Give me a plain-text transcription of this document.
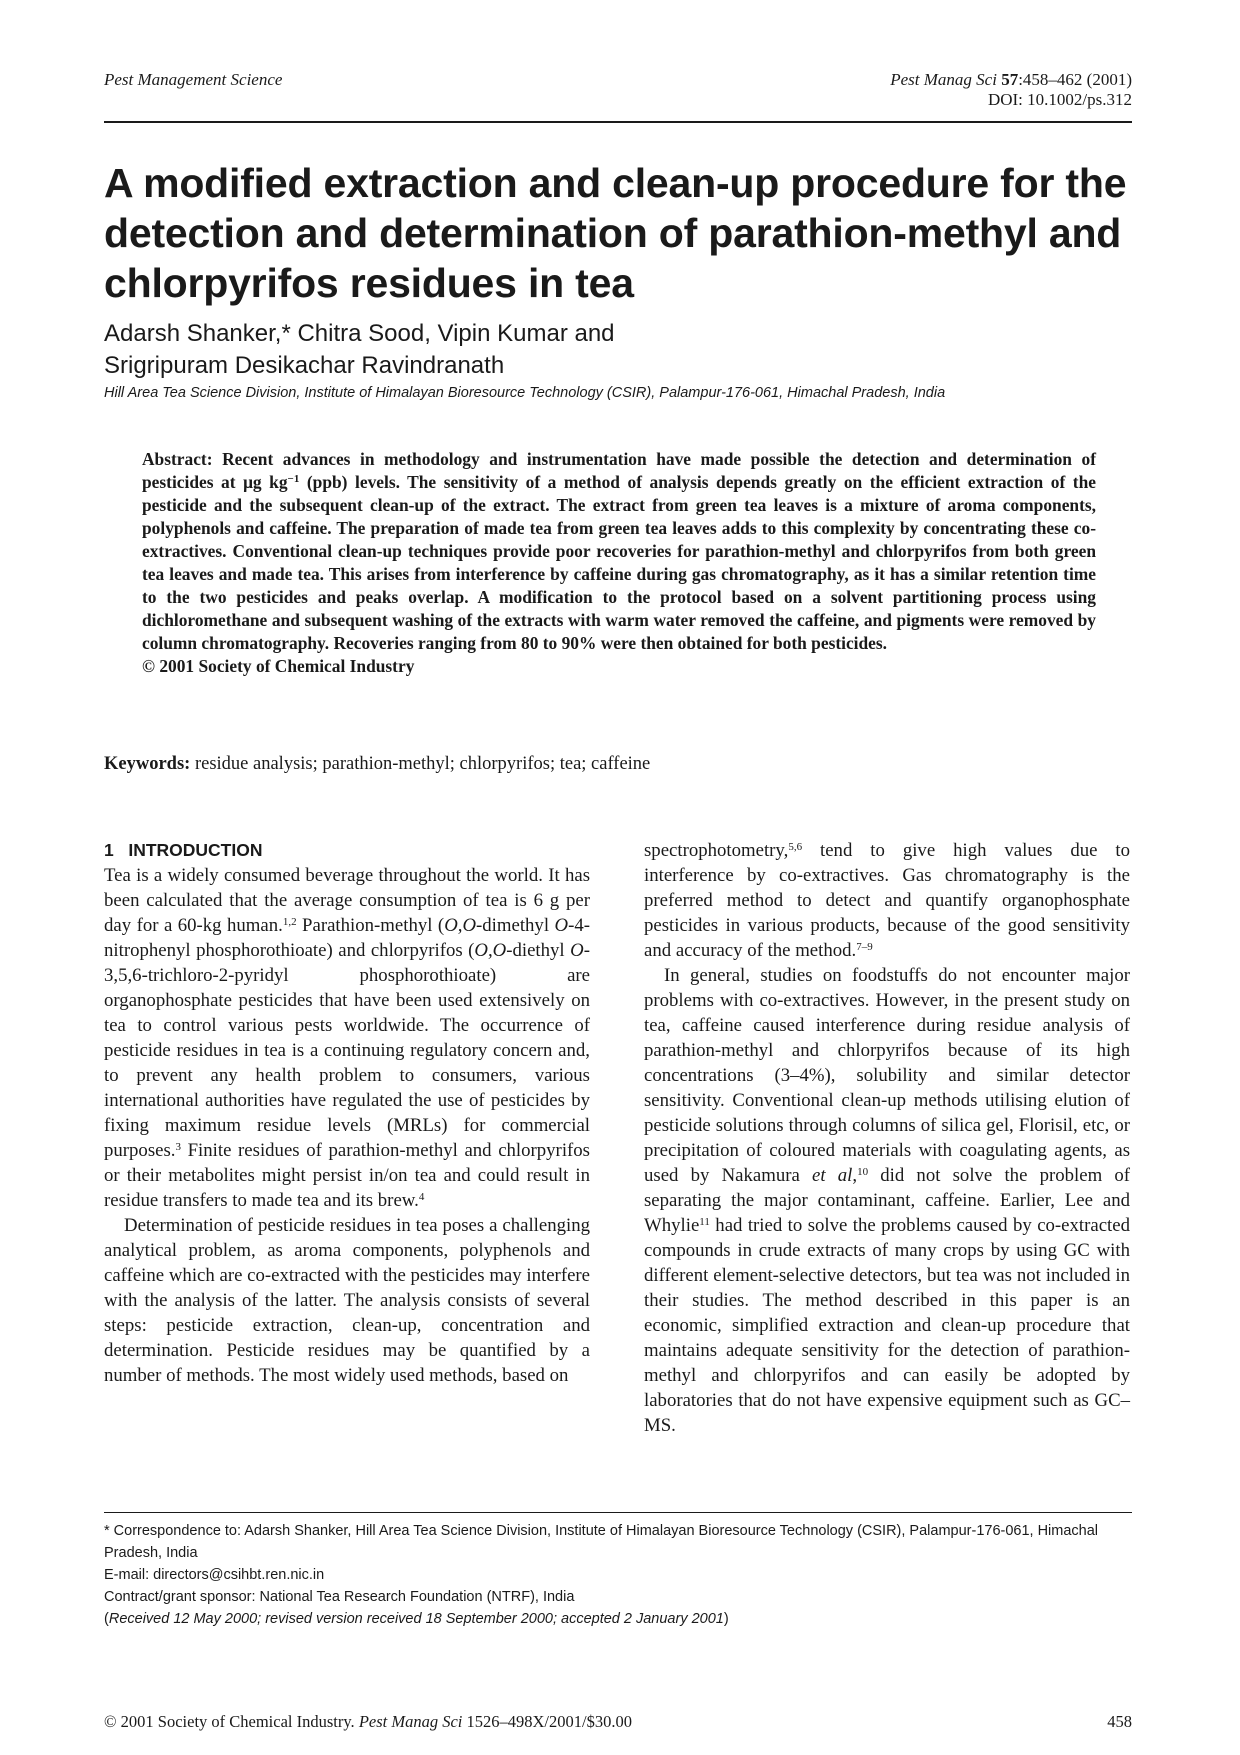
Pest Management Science	Pest Manag Sci 57:458–462 (2001)
DOI: 10.1002/ps.312
A modified extraction and clean-up procedure for the detection and determination of parathion-methyl and chlorpyrifos residues in tea
Adarsh Shanker,* Chitra Sood, Vipin Kumar and
Srigripuram Desikachar Ravindranath
Hill Area Tea Science Division, Institute of Himalayan Bioresource Technology (CSIR), Palampur-176-061, Himachal Pradesh, India
Abstract: Recent advances in methodology and instrumentation have made possible the detection and determination of pesticides at μg $kg^{-1}$ (ppb) levels. The sensitivity of a method of analysis depends greatly on the efficient extraction of the pesticide and the subsequent clean-up of the extract. The extract from green tea leaves is a mixture of aroma components, polyphenols and caffeine. The preparation of made tea from green tea leaves adds to this complexity by concentrating these co-extractives. Conventional clean-up techniques provide poor recoveries for parathion-methyl and chlorpyrifos from both green tea leaves and made tea. This arises from interference by caffeine during gas chromatography, as it has a similar retention time to the two pesticides and peaks overlap. A modification to the protocol based on a solvent partitioning process using dichloromethane and subsequent washing of the extracts with warm water removed the caffeine, and pigments were removed by column chromatography. Recoveries ranging from 80 to 90% were then obtained for both pesticides.
© 2001 Society of Chemical Industry
Keywords: residue analysis; parathion-methyl; chlorpyrifos; tea; caffeine
1 INTRODUCTION

Tea is a widely consumed beverage throughout the world. It has been calculated that the average consumption of tea is 6 g per day for a 60-kg human.$^{1,2}$ Parathion-methyl (O,O-dimethyl O-4-nitrophenyl phosphorothioate) and chlorpyrifos (O,O-diethyl O-3,5,6-trichloro-2-pyridyl phosphorothioate) are organophosphate pesticides that have been used extensively on tea to control various pests worldwide. The occurrence of pesticide residues in tea is a continuing regulatory concern and, to prevent any health problem to consumers, various international authorities have regulated the use of pesticides by fixing maximum residue levels (MRLs) for commercial purposes.$^3$ Finite residues of parathion-methyl and chlorpyrifos or their metabolites might persist in/on tea and could result in residue transfers to made tea and its brew.$^4$

Determination of pesticide residues in tea poses a challenging analytical problem, as aroma components, polyphenols and caffeine which are co-extracted with the pesticides may interfere with the analysis of the latter. The analysis consists of several steps: pesticide extraction, clean-up, concentration and determination. Pesticide residues may be quantified by a number of methods. The most widely used methods, based on

spectrophotometry,$^{5,6}$ tend to give high values due to interference by co-extractives. Gas chromatography is the preferred method to detect and quantify organophosphate pesticides in various products, because of the good sensitivity and accuracy of the method.$^{7-9}$

In general, studies on foodstuffs do not encounter major problems with co-extractives. However, in the present study on tea, caffeine caused interference during residue analysis of parathion-methyl and chlorpyrifos because of its high concentrations (3–4%), solubility and similar detector sensitivity. Conventional clean-up methods utilising elution of pesticide solutions through columns of silica gel, Florisil, etc, or precipitation of coloured materials with coagulating agents, as used by Nakamura et al,$^{10}$ did not solve the problem of separating the major contaminant, caffeine. Earlier, Lee and Whylie$^{11}$ had tried to solve the problems caused by co-extracted compounds in crude extracts of many crops by using GC with different element-selective detectors, but tea was not included in their studies. The method described in this paper is an economic, simplified extraction and clean-up procedure that maintains adequate sensitivity for the detection of parathion-methyl and chlorpyrifos and can easily be adopted by laboratories that do not have expensive equipment such as GC–MS.

* Correspondence to: Adarsh Shanker, Hill Area Tea Science Division, Institute of Himalayan Bioresource Technology (CSIR), Palampur-176-061, Himachal Pradesh, India
E-mail: directors@csihbt.ren.nic.in
Contract/grant sponsor: National Tea Research Foundation (NTRF), India
(Received 12 May 2000; revised version received 18 September 2000; accepted 2 January 2001)
© 2001 Society of Chemical Industry. Pest Manag Sci 1526–498X/2001/$30.00	458
